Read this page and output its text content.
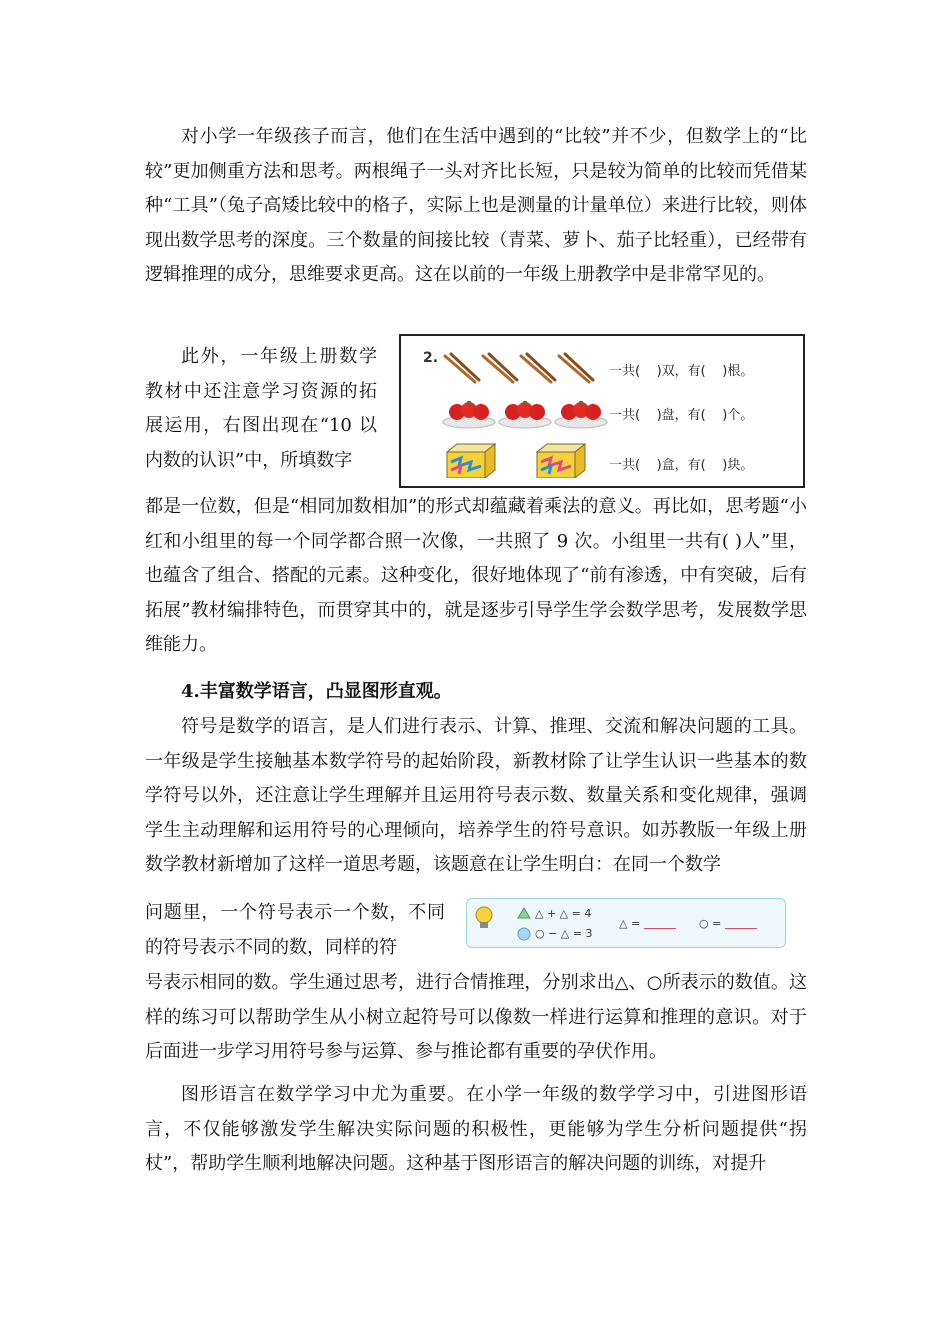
对小学一年级孩子而言，他们在生活中遇到的“比较”并不少，但数学上的“比较”更加侧重方法和思考。两根绳子一头对齐比长短，只是较为简单的比较而凭借某种“工具”（兔子高矮比较中的格子，实际上也是测量的计量单位）来进行比较，则体现出数学思考的深度。三个数量的间接比较（青菜、萝卜、茄子比轻重），已经带有逻辑推理的成分，思维要求更高。这在以前的一年级上册教学中是非常罕见的。

此外，一年级上册数学教材中还注意学习资源的拓展运用，右图出现在“10 以内数的认识”中，所填数字

2.
一共( )双，有( )根。
一共( )盘，有( )个。
一共( )盒，有( )块。

都是一位数，但是“相同加数相加”的形式却蕴藏着乘法的意义。再比如，思考题“小红和小组里的每一个同学都合照一次像，一共照了 9 次。小组里一共有( )人”里，也蕴含了组合、搭配的元素。这种变化，很好地体现了“前有渗透，中有突破，后有拓展”教材编排特色，而贯穿其中的，就是逐步引导学生学会数学思考，发展数学思维能力。

4.丰富数学语言，凸显图形直观。

符号是数学的语言，是人们进行表示、计算、推理、交流和解决问题的工具。一年级是学生接触基本数学符号的起始阶段，新教材除了让学生认识一些基本的数学符号以外，还注意让学生理解并且运用符号表示数、数量关系和变化规律，强调学生主动理解和运用符号的心理倾向，培养学生的符号意识。如苏教版一年级上册数学教材新增加了这样一道思考题，该题意在让学生明白：在同一个数学

问题里，一个符号表示一个数，不同的符号表示不同的数，同样的符

△ + △ = 4
○ − △ = 3
△ =	○ =

号表示相同的数。学生通过思考，进行合情推理，分别求出△、○所表示的数值。这样的练习可以帮助学生从小树立起符号可以像数一样进行运算和推理的意识。对于后面进一步学习用符号参与运算、参与推论都有重要的孕伏作用。

图形语言在数学学习中尤为重要。在小学一年级的数学学习中，引进图形语言，不仅能够激发学生解决实际问题的积极性，更能够为学生分析问题提供“拐杖”，帮助学生顺利地解决问题。这种基于图形语言的解决问题的训练，对提升
